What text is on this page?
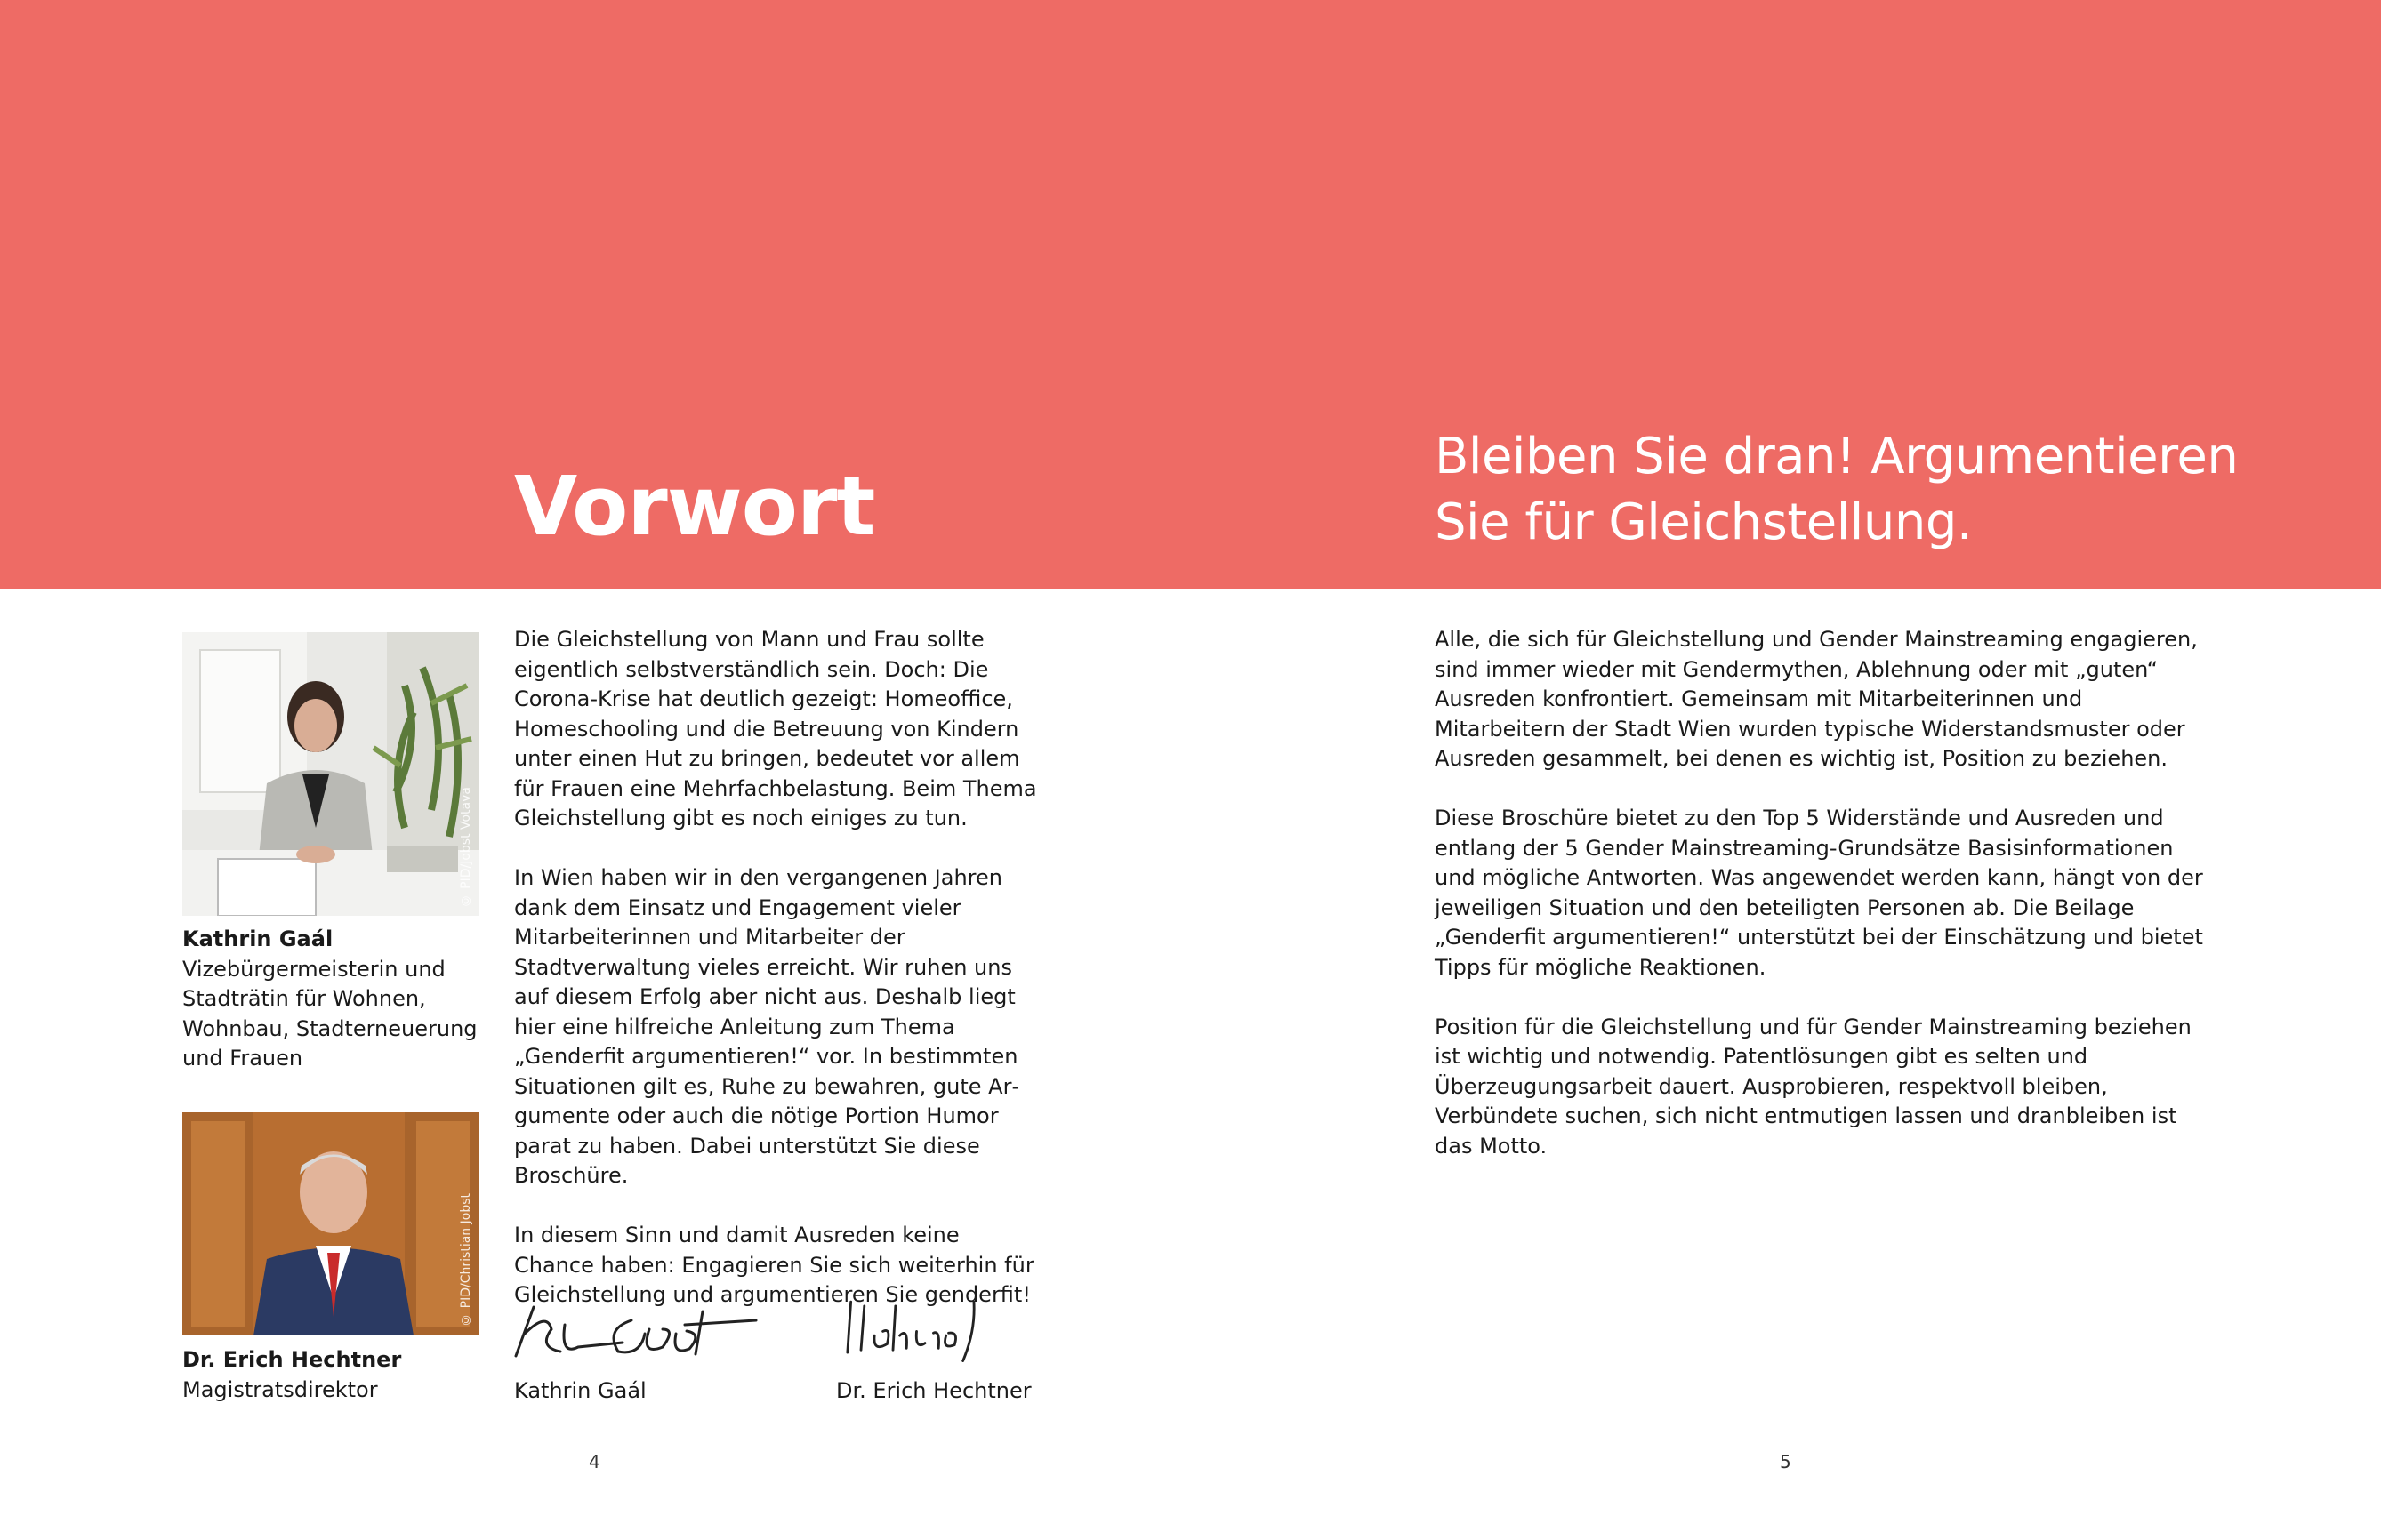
Vorwort
Bleiben Sie dran! Argumentieren Sie für Gleichstellung.
© PID/Jobst Votava
Kathrin Gaál
Vizebürgermeisterin und
Stadträtin für Wohnen,
Wohnbau, Stadterneuerung
und Frauen
© PID/Christian Jobst
Dr. Erich Hechtner
Magistratsdirektor

Die Gleichstellung von Mann und Frau sollte eigentlich selbstverständlich sein. Doch: Die Corona-Krise hat deutlich gezeigt: Homeoffice, Homeschooling und die Betreuung von Kindern unter einen Hut zu bringen, bedeutet vor allem für Frauen eine Mehrfachbelastung. Beim Thema Gleichstellung gibt es noch einiges zu tun.

In Wien haben wir in den vergangenen Jahren dank dem Einsatz und Engagement vieler Mitarbeiterinnen und Mitarbeiter der Stadtverwaltung vieles erreicht. Wir ruhen uns auf diesem Erfolg aber nicht aus. Deshalb liegt hier eine hilfreiche Anleitung zum Thema „Genderfit argumentieren!“ vor. In bestimmten Situationen gilt es, Ruhe zu bewahren, gute Argumente oder auch die nötige Portion Humor parat zu haben. Dabei unterstützt Sie diese Broschüre.

In diesem Sinn und damit Ausreden keine Chance haben: Engagieren Sie sich weiterhin für Gleichstellung und argumentieren Sie genderfit!

Kathrin Gaál	Dr. Erich Hechtner

Alle, die sich für Gleichstellung und Gender Mainstreaming engagieren, sind immer wieder mit Gendermythen, Ablehnung oder mit „guten“ Ausreden konfrontiert. Gemeinsam mit Mitarbeiterinnen und Mitarbeitern der Stadt Wien wurden typische Widerstandsmuster oder Ausreden gesammelt, bei denen es wichtig ist, Position zu beziehen.

Diese Broschüre bietet zu den Top 5 Widerstände und Ausreden und entlang der 5 Gender Mainstreaming-Grundsätze Basisinformationen und mögliche Antworten. Was angewendet werden kann, hängt von der jeweiligen Situation und den beteiligten Personen ab. Die Beilage „Genderfit argumentieren!“ unterstützt bei der Einschätzung und bietet Tipps für mögliche Reaktionen.

Position für die Gleichstellung und für Gender Mainstreaming beziehen ist wichtig und notwendig. Patentlösungen gibt es selten und Überzeugungsarbeit dauert. Ausprobieren, respektvoll bleiben, Verbündete suchen, sich nicht entmutigen lassen und dranbleiben ist das Motto.

4	5
